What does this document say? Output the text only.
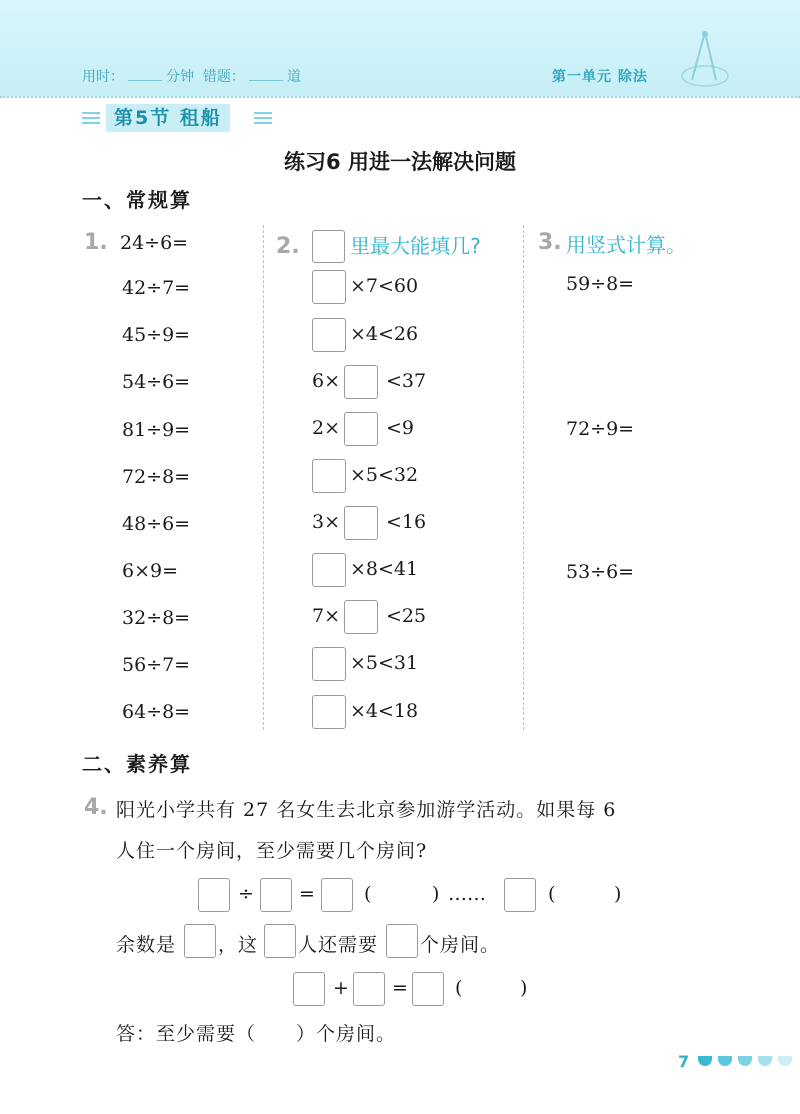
用时：	分钟 错题：	道	第一单元 除法
第5节 租船
练习6 用进一法解决问题
一、常规算
1. 24÷6=
42÷7=
45÷9=
54÷6=
81÷9=
72÷8=
48÷6=
6×9=
32÷8=
56÷7=
64÷8=
2.	里最大能填几?
×7<60
×4<26
6× <37
2× <9
×5<32
3× <16
×8<41
7× <25
×5<31
×4<18
3. 用竖式计算。
59÷8=
72÷9=
53÷6=
二、素养算
4. 阳光小学共有 27 名女生去北京参加游学活动。如果每 6
人住一个房间，至少需要几个房间?
÷ =	(	) ……	(	)
余数是 ，这 人还需要 个房间。
+ = (	)
答：至少需要（ ）个房间。
7
